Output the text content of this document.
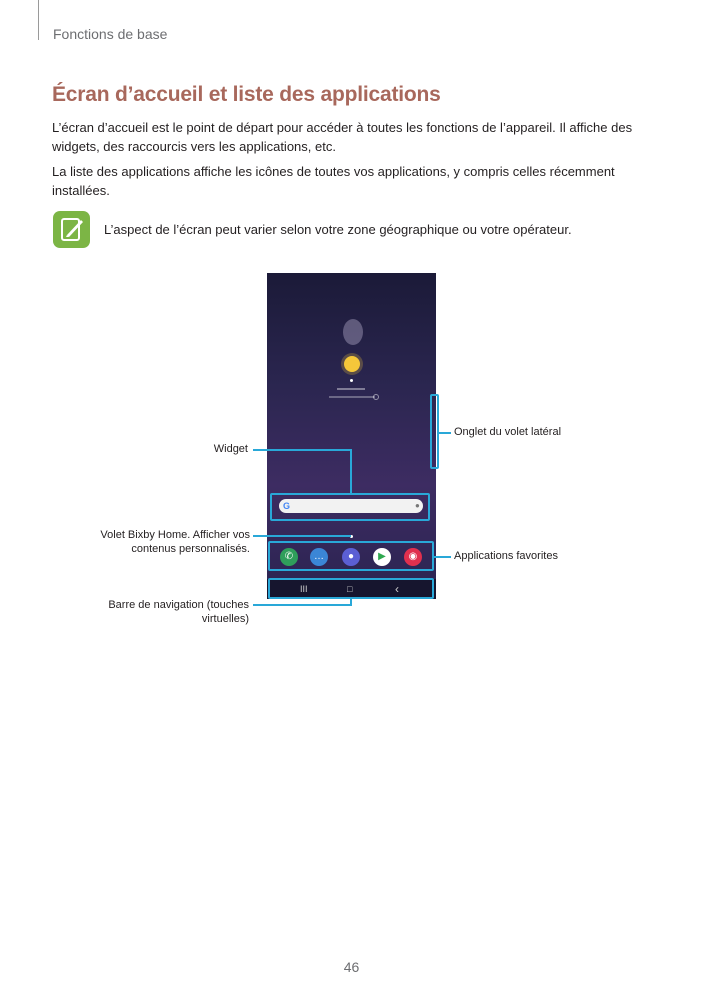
Fonctions de base
Écran d’accueil et liste des applications

L’écran d’accueil est le point de départ pour accéder à toutes les fonctions de l’appareil. Il affiche des widgets, des raccourcis vers les applications, etc.

La liste des applications affiche les icônes de toutes vos applications, y compris celles récemment installées.

L’aspect de l’écran peut varier selon votre zone géographique ou votre opérateur.

G	●
✆	…	●	▶	◉
III	□	‹

Widget

Volet Bixby Home. Afficher vos contenus personnalisés.

Barre de navigation (touches virtuelles)

Onglet du volet latéral

Applications favorites

46
